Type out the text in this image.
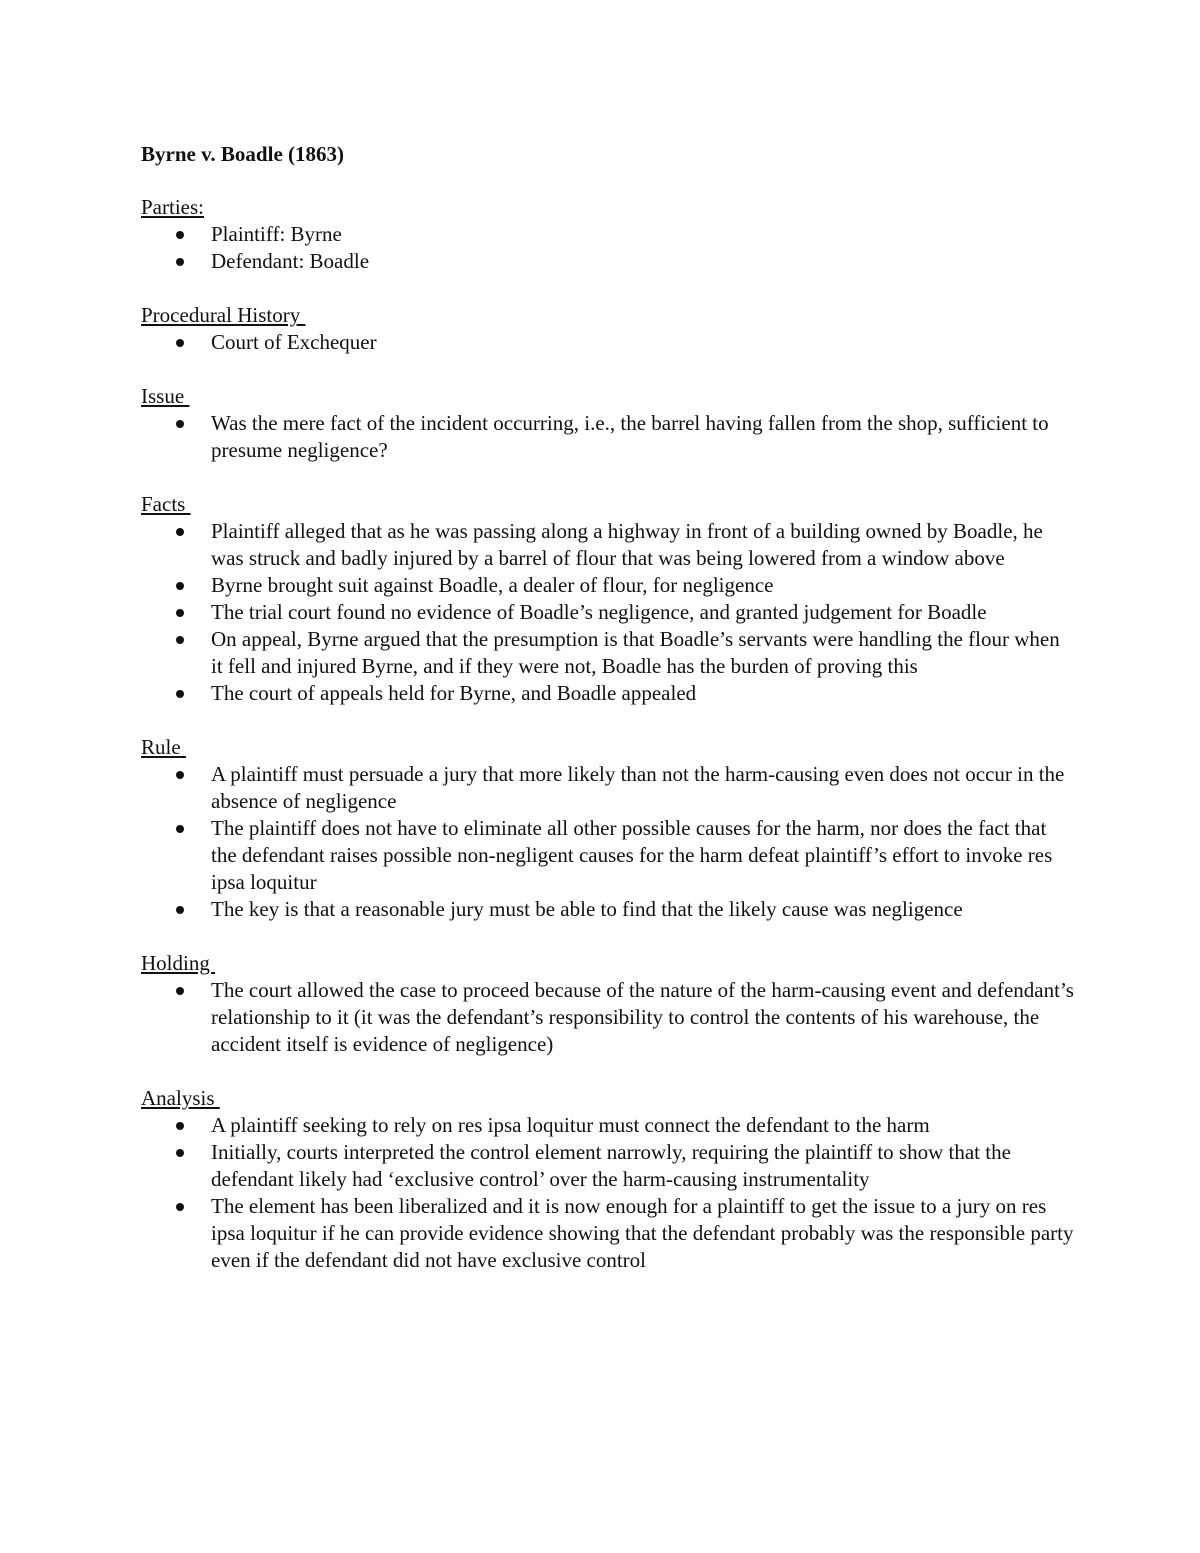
Byrne v. Boadle (1863)
Parties:
Plaintiff: Byrne
Defendant: Boadle
Procedural History
Court of Exchequer
Issue
Was the mere fact of the incident occurring, i.e., the barrel having fallen from the shop, sufficient to presume negligence?
Facts
Plaintiff alleged that as he was passing along a highway in front of a building owned by Boadle, he was struck and badly injured by a barrel of flour that was being lowered from a window above
Byrne brought suit against Boadle, a dealer of flour, for negligence
The trial court found no evidence of Boadle’s negligence, and granted judgement for Boadle
On appeal, Byrne argued that the presumption is that Boadle’s servants were handling the flour when it fell and injured Byrne, and if they were not, Boadle has the burden of proving this
The court of appeals held for Byrne, and Boadle appealed
Rule
A plaintiff must persuade a jury that more likely than not the harm-causing even does not occur in the absence of negligence
The plaintiff does not have to eliminate all other possible causes for the harm, nor does the fact that the defendant raises possible non-negligent causes for the harm defeat plaintiff’s effort to invoke res ipsa loquitur
The key is that a reasonable jury must be able to find that the likely cause was negligence
Holding
The court allowed the case to proceed because of the nature of the harm-causing event and defendant’s relationship to it (it was the defendant’s responsibility to control the contents of his warehouse, the accident itself is evidence of negligence)
Analysis
A plaintiff seeking to rely on res ipsa loquitur must connect the defendant to the harm
Initially, courts interpreted the control element narrowly, requiring the plaintiff to show that the defendant likely had ‘exclusive control’ over the harm-causing instrumentality
The element has been liberalized and it is now enough for a plaintiff to get the issue to a jury on res ipsa loquitur if he can provide evidence showing that the defendant probably was the responsible party even if the defendant did not have exclusive control
